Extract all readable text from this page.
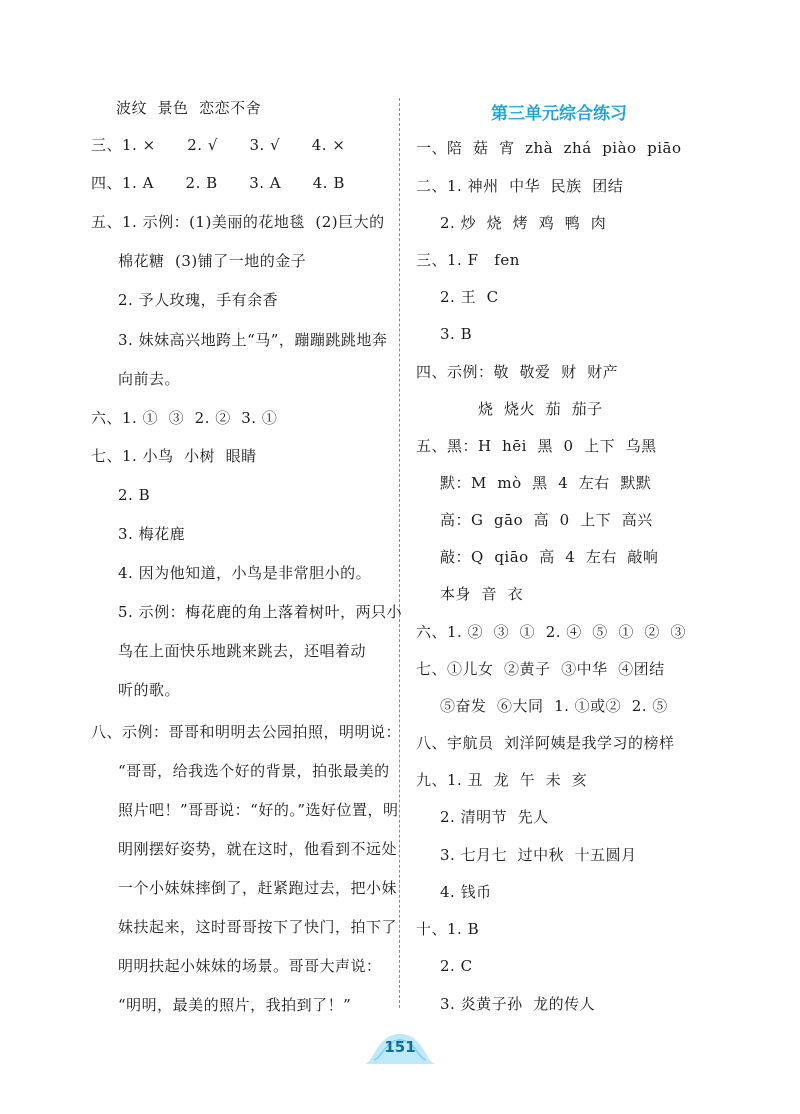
波纹  景色  恋恋不舍
三、1. ×      2. √      3. √      4. ×
四、1. A      2. B      3. A      4. B
五、1. 示例：(1)美丽的花地毯  (2)巨大的
棉花糖  (3)铺了一地的金子
2. 予人玫瑰，手有余香
3. 妹妹高兴地跨上“马”，蹦蹦跳跳地奔
向前去。
六、1. ①  ③  2. ②  3. ①
七、1. 小鸟  小树  眼睛
2. B
3. 梅花鹿
4. 因为他知道，小鸟是非常胆小的。
5. 示例：梅花鹿的角上落着树叶，两只小
鸟在上面快乐地跳来跳去，还唱着动
听的歌。
八、示例：哥哥和明明去公园拍照，明明说：
“哥哥，给我选个好的背景，拍张最美的
照片吧！”哥哥说：“好的。”选好位置，明
明刚摆好姿势，就在这时，他看到不远处
一个小妹妹摔倒了，赶紧跑过去，把小妹
妹扶起来，这时哥哥按下了快门，拍下了
明明扶起小妹妹的场景。哥哥大声说：
“明明，最美的照片，我拍到了！”
第三单元综合练习
一、陪  菇  宵  zhà  zhá  piào  piāo
二、1. 神州  中华  民族  团结
2. 炒  烧  烤  鸡  鸭  肉
三、1. F   fen
2. 王  C
3. B
四、示例：敬  敬爱  财  财产
烧  烧火  茄  茄子
五、黑：H  hēi  黑  0  上下  乌黑
默：M  mò  黑  4  左右  默默
高：G  gāo  高  0  上下  高兴
敲：Q  qiāo  高  4  左右  敲响
本身  音  衣
六、1. ②  ③  ①  2. ④  ⑤  ①  ②  ③
七、①儿女  ②黄子  ③中华  ④团结
⑤奋发  ⑥大同  1. ①或②  2. ⑤
八、宇航员  刘洋阿姨是我学习的榜样
九、1. 丑  龙  午  未  亥
2. 清明节  先人
3. 七月七  过中秋  十五圆月
4. 钱币
十、1. B
2. C
3. 炎黄子孙  龙的传人
151
